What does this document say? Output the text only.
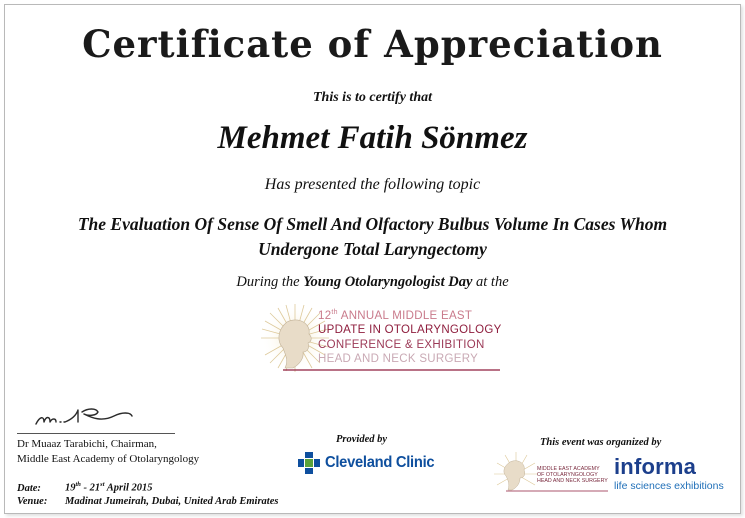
Certificate of Appreciation
This is to certify that
Mehmet Fatih Sönmez
Has presented the following topic
The Evaluation Of Sense Of Smell And Olfactory Bulbus Volume In Cases Whom
Undergone Total Laryngectomy
During the Young Otolaryngologist Day at the
12th ANNUAL MIDDLE EAST
UPDATE IN OTOLARYNGOLOGY
CONFERENCE & EXHIBITION
HEAD AND NECK SURGERY
Dr Muaaz Tarabichi, Chairman,
Middle East Academy of Otolaryngology
Date: 19th - 21st April 2015
Venue: Madinat Jumeirah, Dubai, United Arab Emirates
Provided by
Cleveland Clinic
This event was organized by
MIDDLE EAST ACADEMY
OF OTOLARYNGOLOGY
HEAD AND NECK SURGERY
informa
life sciences exhibitions
